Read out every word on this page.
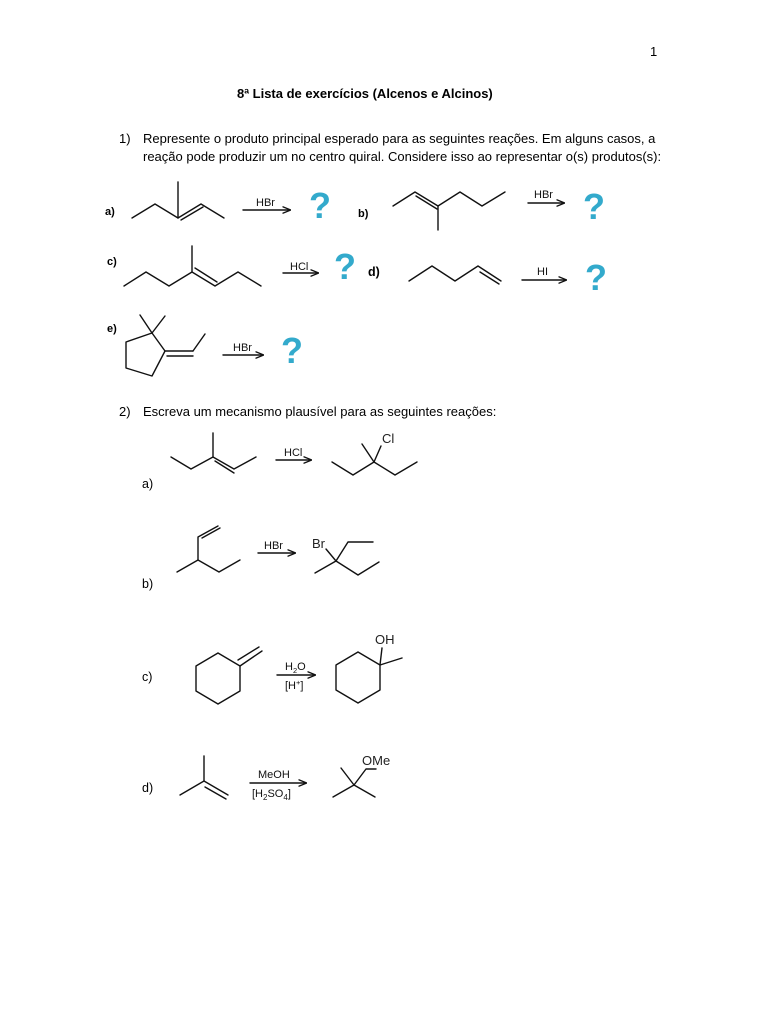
1
8ª Lista de exercícios (Alcenos e Alcinos)
1) Represente o produto principal esperado para as seguintes reações. Em alguns casos, a reação pode produzir um no centro quiral. Considere isso ao representar o(s) produtos(s):
2) Escreva um mecanismo plausível para as seguintes reações:
a)
HBr ? b)
HBr ?
c)	HCl ? d)	HI ?
e)
HBr ?
a)
HCl
Cl
b)
HBr Br
c)
$H_2O$
[H+]
OH
d)
MeOH
$[H_2SO_4]$
OMe
